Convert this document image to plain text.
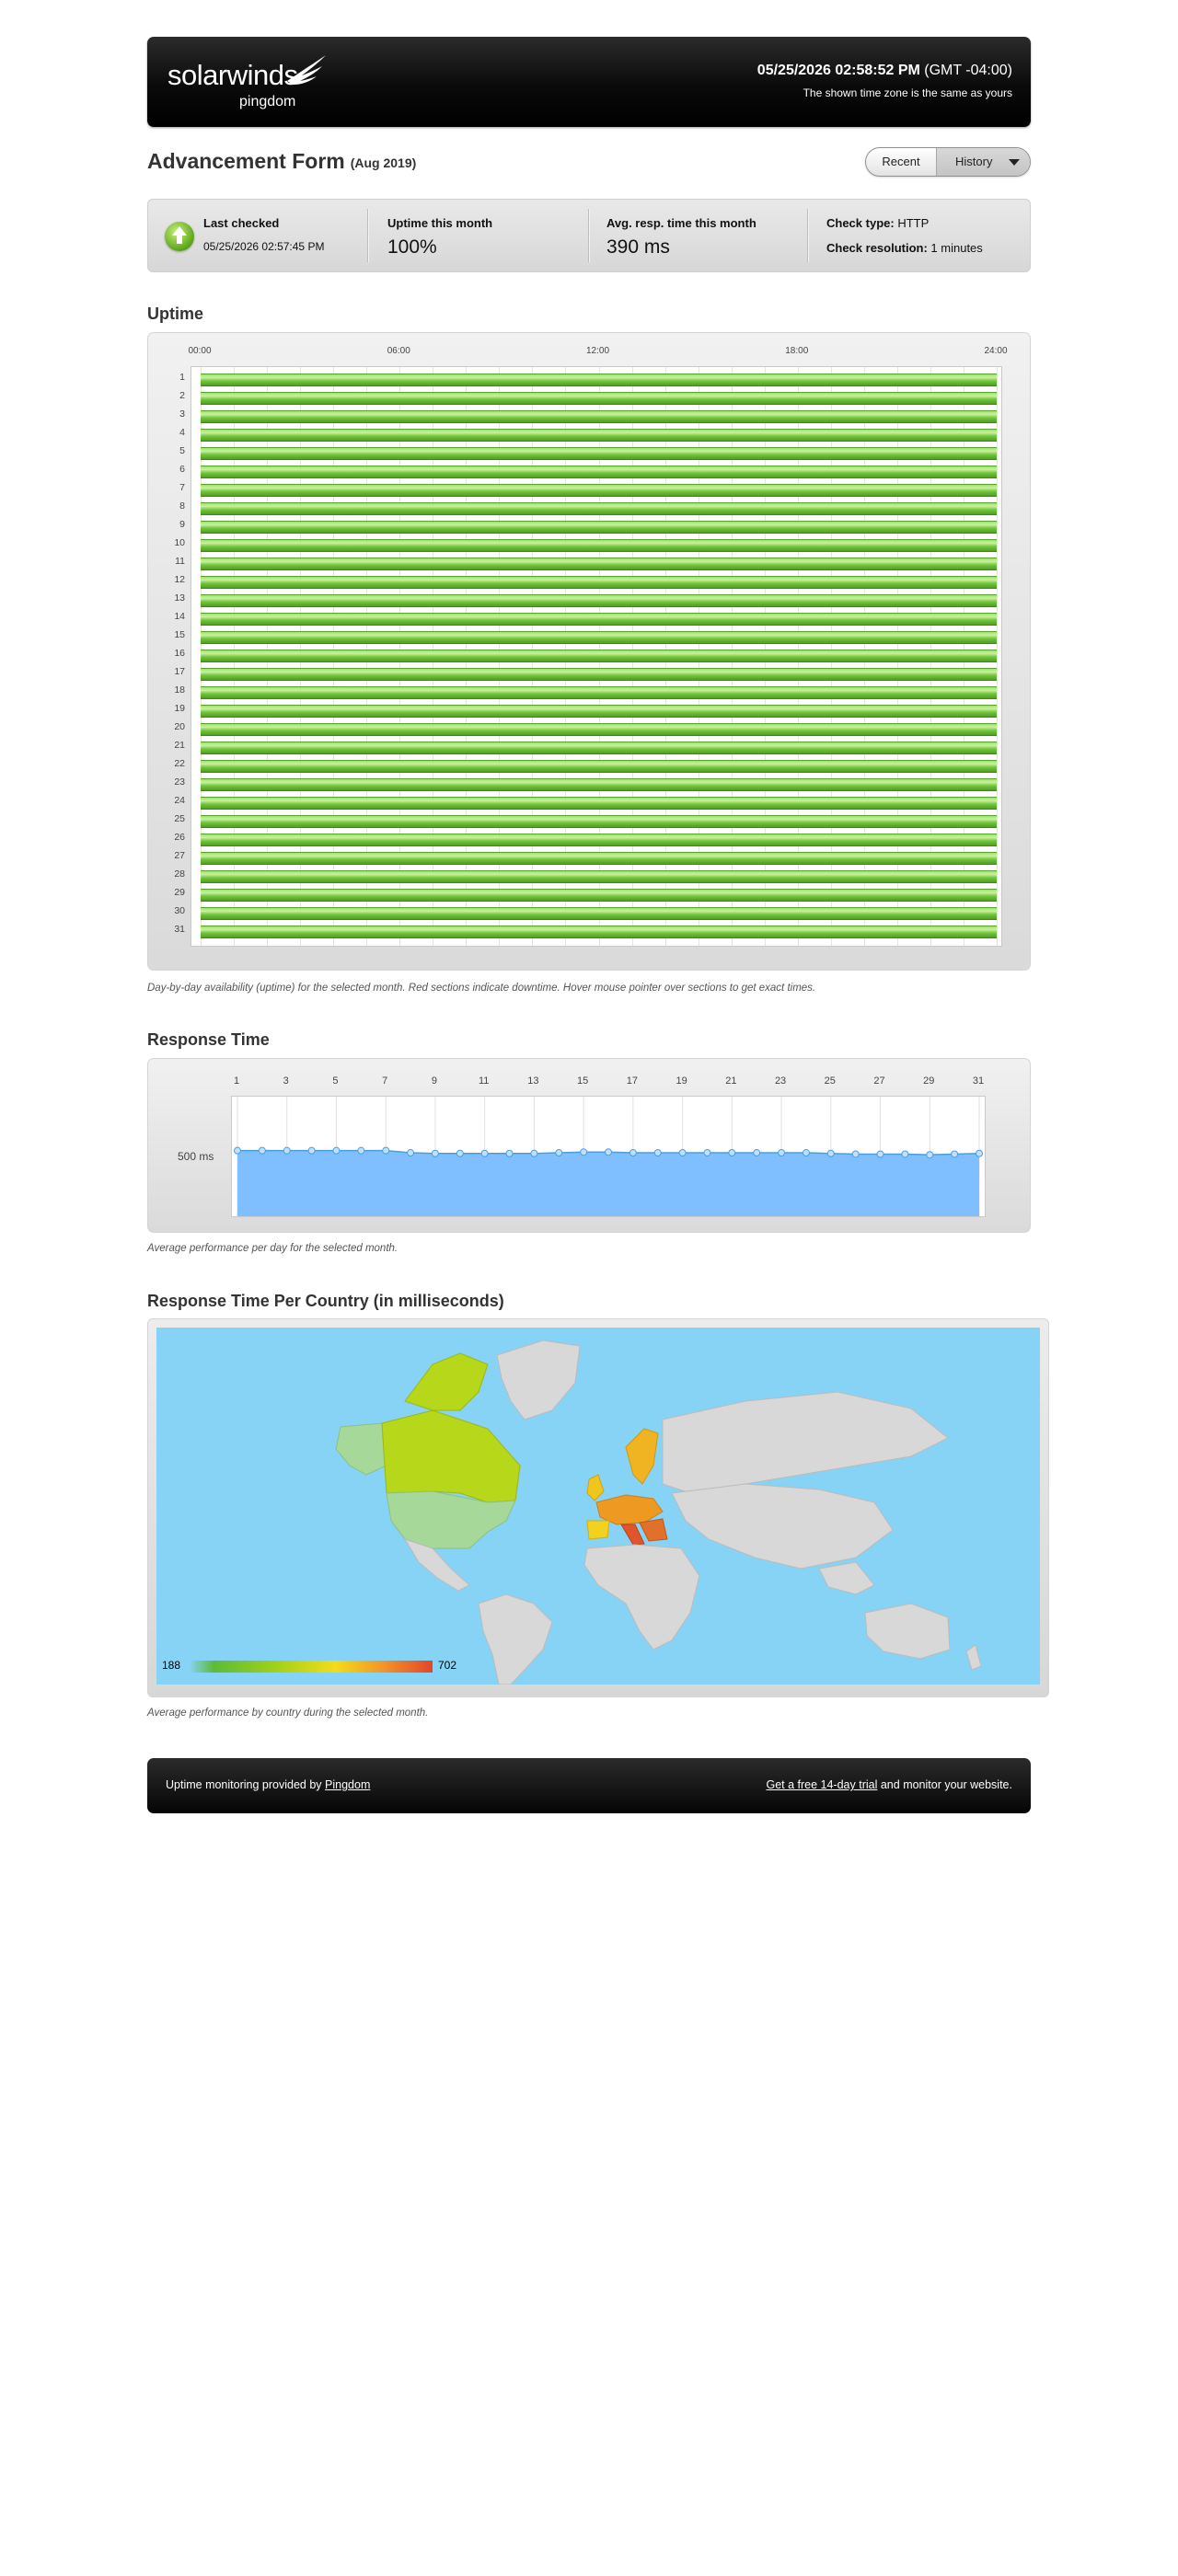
solarwinds
pingdom
05/25/2026 02:58:52 PM (GMT -04:00)
The shown time zone is the same as yours
Advancement Form (Aug 2019)	Recent	History
Last checked
05/25/2026 02:57:45 PM
Uptime this month
100%
Avg. resp. time this month
390 ms
Check type: HTTP
Check resolution: 1 minutes
Uptime
00:00	06:00	12:00	18:00	24:00
1
2
3
4
5
6
7
8
9
10
11
12
13
14
15
16
17
18
19
20
21
22
23
24
25
26
27
28
29
30
31
Day-by-day availability (uptime) for the selected month. Red sections indicate downtime. Hover mouse pointer over sections to get exact times.
Response Time
1	3	5	7	9	11	13	15	17	19	21	23	25	27	29	31
500 ms
Average performance per day for the selected month.
Response Time Per Country (in milliseconds)
188	702
Average performance by country during the selected month.
Uptime monitoring provided by Pingdom	Get a free 14-day trial and monitor your website.
